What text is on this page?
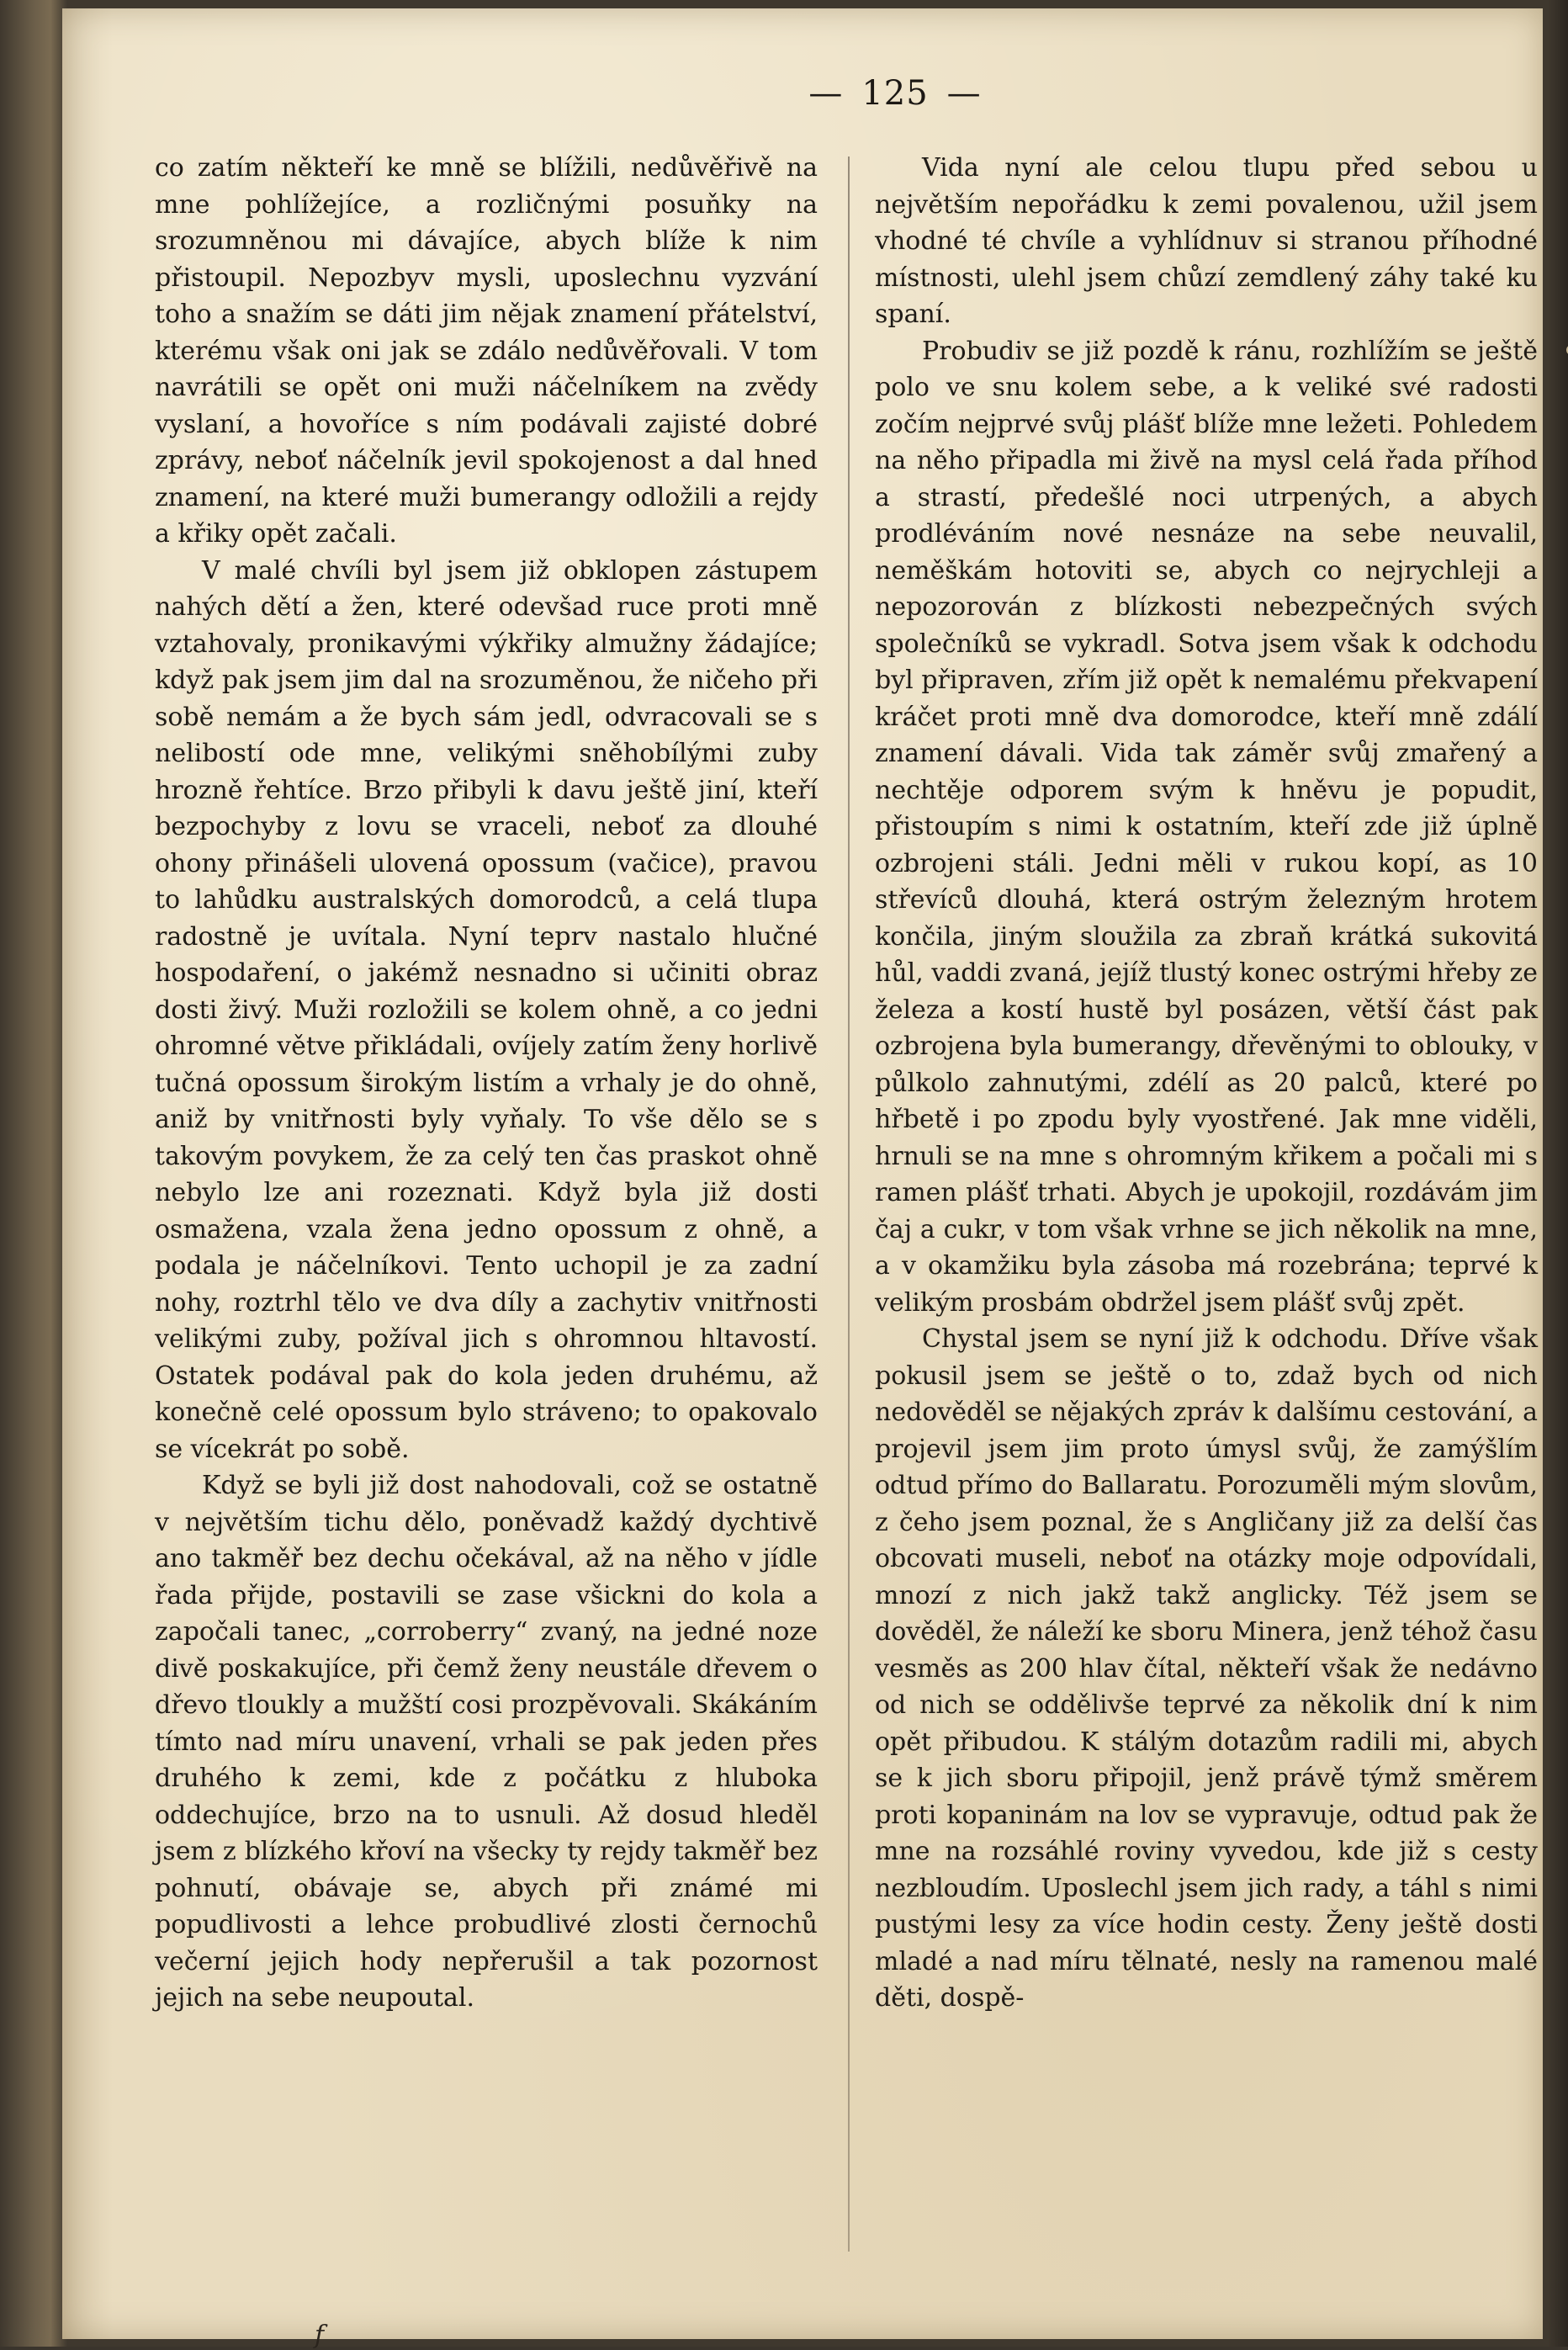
— 125 —

co zatím někteří ke mně se blížili, nedůvěřivě na mne pohlížejíce, a rozličnými posuňky na srozumněnou mi dávajíce, abych blíže k nim přistoupil. Nepozbyv mysli, uposlechnu vyzvání toho a snažím se dáti jim nějak znamení přátelství, kterému však oni jak se zdálo nedůvěřovali. V tom navrátili se opět oni muži náčelníkem na zvědy vyslaní, a hovoříce s ním podávali zajisté dobré zprávy, neboť náčelník jevil spokojenost a dal hned znamení, na které muži bumerangy odložili a rejdy a křiky opět začali.

V malé chvíli byl jsem již obklopen zástupem nahých dětí a žen, které odevšad ruce proti mně vztahovaly, pronikavými výkřiky almužny žádajíce; když pak jsem jim dal na srozuměnou, že ničeho při sobě nemám a že bych sám jedl, odvracovali se s nelibostí ode mne, velikými sněhobílými zuby hrozně řehtíce. Brzo přibyli k davu ještě jiní, kteří bezpochyby z lovu se vraceli, neboť za dlouhé ohony přinášeli ulovená opossum (vačice), pravou to lahůdku australských domorodců, a celá tlupa radostně je uvítala. Nyní teprv nastalo hlučné hospodaření, o jakémž nesnadno si učiniti obraz dosti živý. Muži rozložili se kolem ohně, a co jedni ohromné větve přikládali, ovíjely zatím ženy horlivě tučná opossum širokým listím a vrhaly je do ohně, aniž by vnitřnosti byly vyňaly. To vše dělo se s takovým povykem, že za celý ten čas praskot ohně nebylo lze ani rozeznati. Když byla již dosti osmažena, vzala žena jedno opossum z ohně, a podala je náčelníkovi. Tento uchopil je za zadní nohy, roztrhl tělo ve dva díly a zachytiv vnitřnosti velikými zuby, požíval jich s ohromnou hltavostí. Ostatek podával pak do kola jeden druhému, až konečně celé opossum bylo stráveno; to opakovalo se vícekrát po sobě.

Když se byli již dost nahodovali, což se ostatně v největším tichu dělo, poněvadž každý dychtivě ano takměř bez dechu očekával, až na něho v jídle řada přijde, postavili se zase všickni do kola a započali tanec, „corroberry“ zvaný, na jedné noze divě poskakujíce, při čemž ženy neustále dřevem o dřevo tloukly a mužští cosi prozpěvovali. Skákáním tímto nad míru unavení, vrhali se pak jeden přes druhého k zemi, kde z počátku z hluboka oddechujíce, brzo na to usnuli. Až dosud hleděl jsem z blízkého křoví na všecky ty rejdy takměř bez pohnutí, obávaje se, abych při známé mi popudlivosti a lehce probudlivé zlosti černochů večerní jejich hody nepřerušil a tak pozornost jejich na sebe neupoutal.

Vida nyní ale celou tlupu před sebou u největším nepořádku k zemi povalenou, užil jsem vhodné té chvíle a vyhlídnuv si stranou příhodné místnosti, ulehl jsem chůzí zemdlený záhy také ku spaní.

Probudiv se již pozdě k ránu, rozhlížím se ještě polo ve snu kolem sebe, a k veliké své radosti zočím nejprvé svůj plášť blíže mne ležeti. Pohledem na něho připadla mi živě na mysl celá řada příhod a strastí, předešlé noci utrpených, a abych prodléváním nové nesnáze na sebe neuvalil, neměškám hotoviti se, abych co nejrychleji a nepozorován z blízkosti nebezpečných svých společníků se vykradl. Sotva jsem však k odchodu byl připraven, zřím již opět k nemalému překvapení kráčet proti mně dva domorodce, kteří mně zdálí znamení dávali. Vida tak záměr svůj zmařený a nechtěje odporem svým k hněvu je popudit, přistoupím s nimi k ostatním, kteří zde již úplně ozbrojeni stáli. Jedni měli v rukou kopí, as 10 střevíců dlouhá, která ostrým železným hrotem končila, jiným sloužila za zbraň krátká sukovitá hůl, vaddi zvaná, jejíž tlustý konec ostrými hřeby ze železa a kostí hustě byl posázen, větší část pak ozbrojena byla bumerangy, dřevěnými to oblouky, v půlkolo zahnutými, zdélí as 20 palců, které po hřbetě i po zpodu byly vyostřené. Jak mne viděli, hrnuli se na mne s ohromným křikem a počali mi s ramen plášť trhati. Abych je upokojil, rozdávám jim čaj a cukr, v tom však vrhne se jich několik na mne, a v okamžiku byla zásoba má rozebrána; teprvé k velikým prosbám obdržel jsem plášť svůj zpět.

Chystal jsem se nyní již k odchodu. Dříve však pokusil jsem se ještě o to, zdaž bych od nich nedověděl se nějakých zpráv k dalšímu cestování, a projevil jsem jim proto úmysl svůj, že zamýšlím odtud přímo do Ballaratu. Porozuměli mým slovům, z čeho jsem poznal, že s Angličany již za delší čas obcovati museli, neboť na otázky moje odpovídali, mnozí z nich jakž takž anglicky. Též jsem se dověděl, že náleží ke sboru Minera, jenž téhož času vesměs as 200 hlav čítal, někteří však že nedávno od nich se oddělivše teprvé za několik dní k nim opět přibudou. K stálým dotazům radili mi, abych se k jich sboru připojil, jenž právě týmž směrem proti kopaninám na lov se vypravuje, odtud pak že mne na rozsáhlé roviny vyvedou, kde již s cesty nezbloudím. Uposlechl jsem jich rady, a táhl s nimi pustými lesy za více hodin cesty. Ženy ještě dosti mladé a nad míru tělnaté, nesly na ramenou malé děti, dospě-

f
